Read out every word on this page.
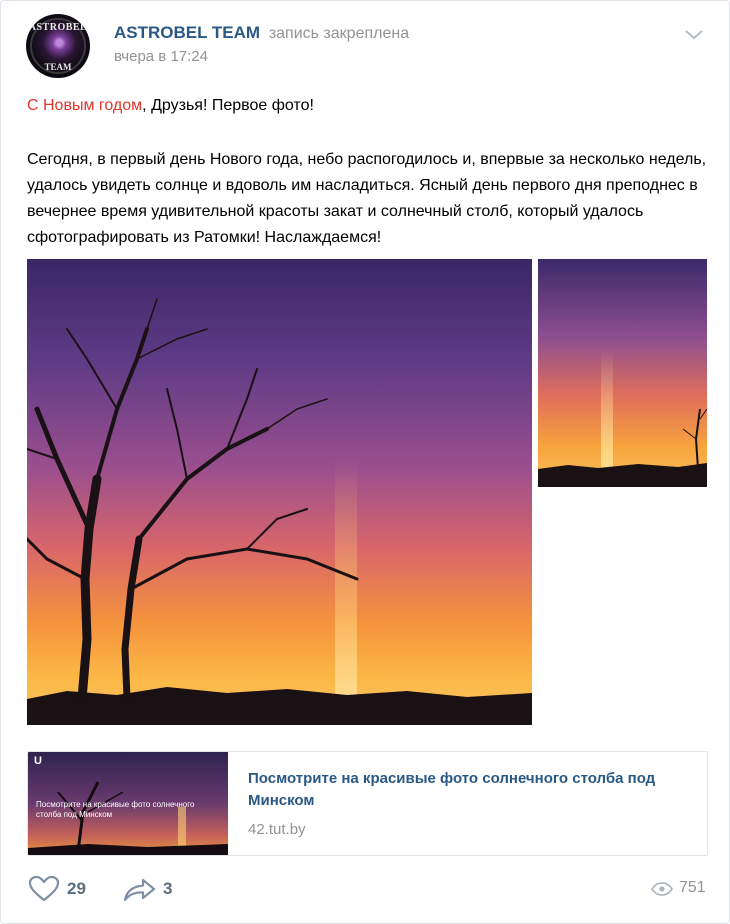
ASTROBEL
TEAM
ASTROBEL TEAM запись закреплена
вчера в 17:24
С Новым годом, Друзья! Первое фото!
Сегодня, в первый день Нового года, небо распогодилось и, впервые за несколько недель, удалось увидеть солнце и вдоволь им насладиться. Ясный день первого дня преподнес в вечернее время удивительной красоты закат и солнечный столб, который удалось сфотографировать из Ратомки! Наслаждаемся!
U
Посмотрите на красивые фото солнечного столба под Минском
Посмотрите на красивые фото солнечного столба под Минском
42.tut.by
29	3	751
